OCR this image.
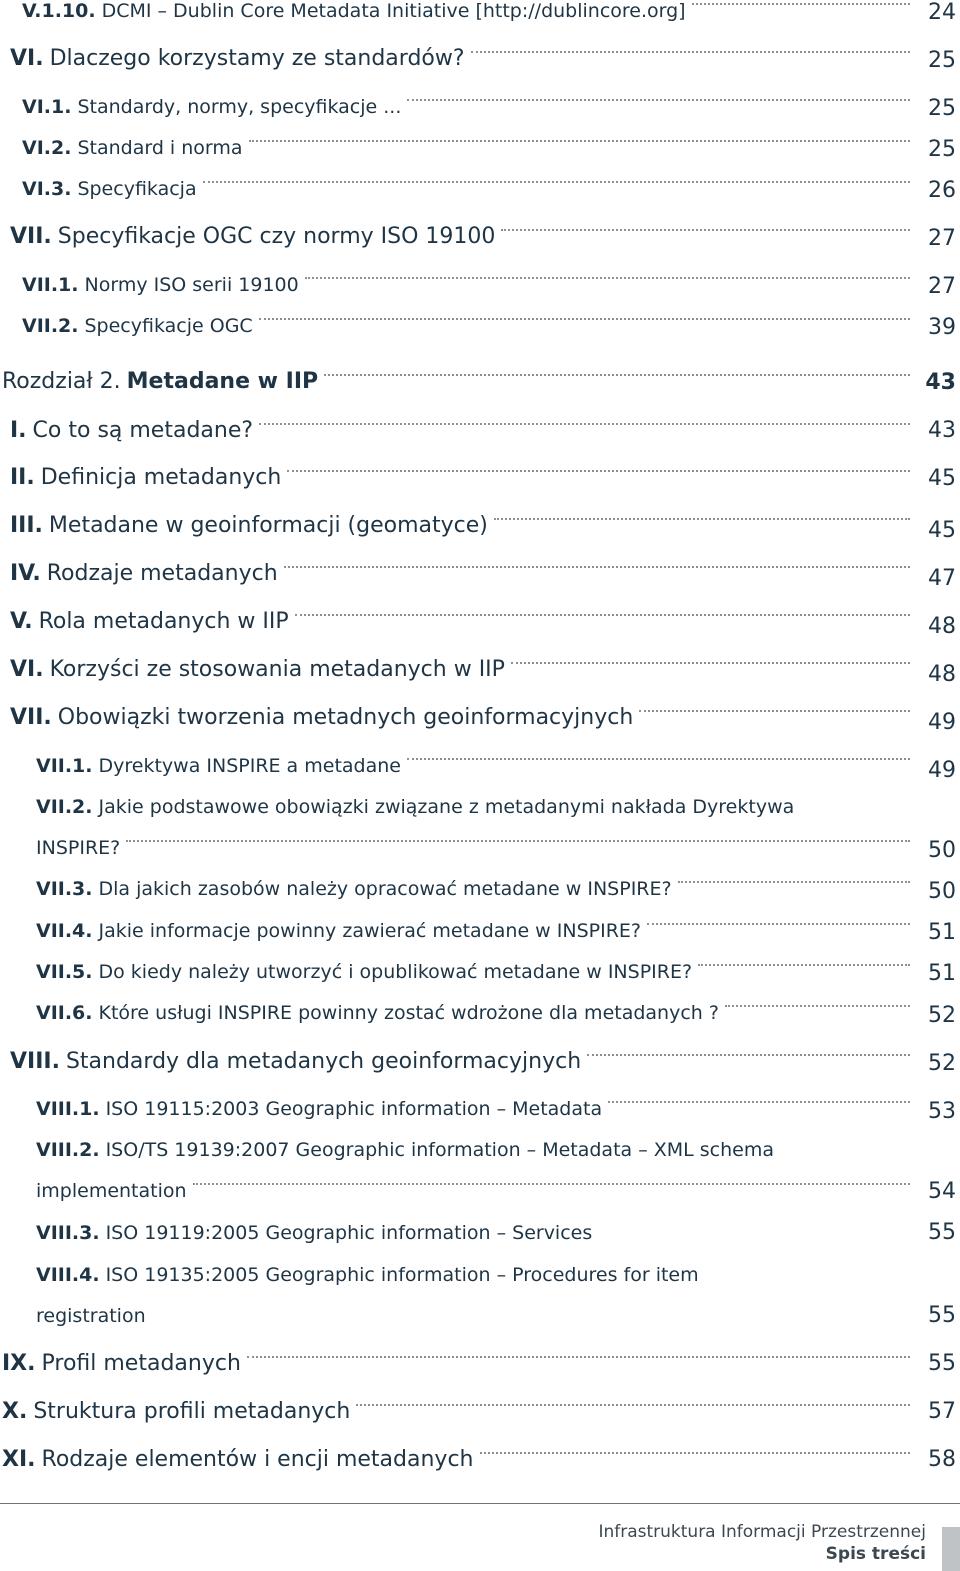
V.1.10. DCMI – Dublin Core Metadata Initiative [http://dublincore.org]	24
VI. Dlaczego korzystamy ze standardów?	25
VI.1. Standardy, normy, specyfikacje ...	25
VI.2. Standard i norma	25
VI.3. Specyfikacja	26
VII. Specyfikacje OGC czy normy ISO 19100	27
VII.1. Normy ISO serii 19100	27
VII.2. Specyfikacje OGC	39
Rozdział 2. Metadane w IIP	43
I. Co to są metadane?	43
II. Definicja metadanych	45
III. Metadane w geoinformacji (geomatyce)	45
IV. Rodzaje metadanych	47
V. Rola metadanych w IIP	48
VI. Korzyści ze stosowania metadanych w IIP	48
VII. Obowiązki tworzenia metadnych geoinformacyjnych	49
VII.1. Dyrektywa INSPIRE a metadane	49
VII.2. Jakie podstawowe obowiązki związane z metadanymi nakłada Dyrektywa
INSPIRE?	50
VII.3. Dla jakich zasobów należy opracować metadane w INSPIRE?	50
VII.4. Jakie informacje powinny zawierać metadane w INSPIRE?	51
VII.5. Do kiedy należy utworzyć i opublikować metadane w INSPIRE?	51
VII.6. Które usługi INSPIRE powinny zostać wdrożone dla metadanych ?	52
VIII. Standardy dla metadanych geoinformacyjnych	52
VIII.1. ISO 19115:2003 Geographic information – Metadata	53
VIII.2. ISO/TS 19139:2007 Geographic information – Metadata – XML schema
implementation	54
VIII.3. ISO 19119:2005 Geographic information – Services	55
VIII.4. ISO 19135:2005 Geographic information – Procedures for item
registration	55
IX. Profil metadanych	55
X. Struktura profili metadanych	57
XI. Rodzaje elementów i encji metadanych	58
Infrastruktura Informacji Przestrzennej
Spis treści
